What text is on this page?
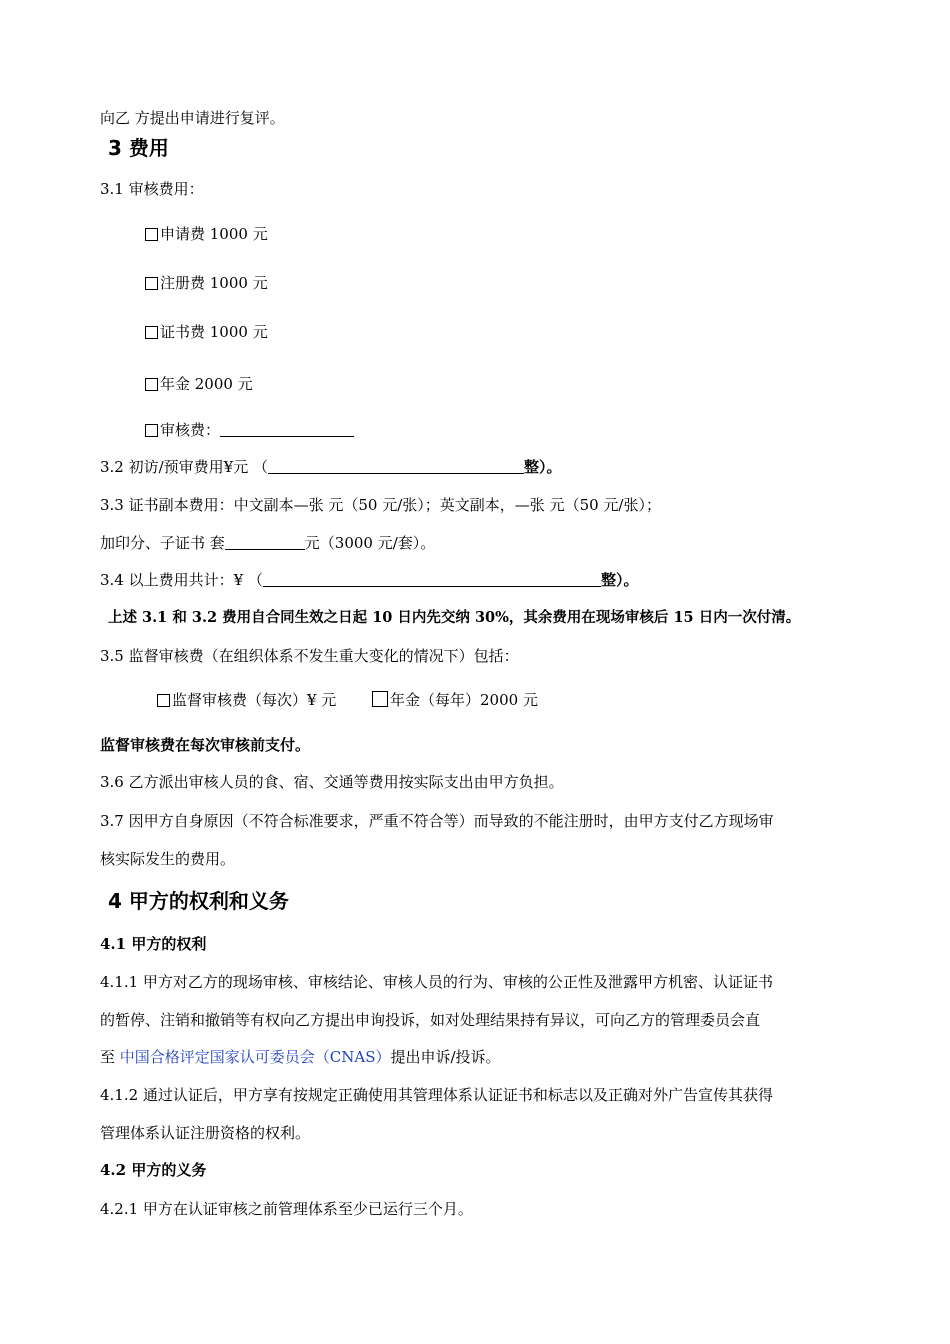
向乙 方提出申请进行复评。
3 费用
3.1 审核费用：
申请费 1000 元
注册费 1000 元
证书费 1000 元
年金 2000 元
审核费：
3.2 初访/预审费用¥元 （	整）。
3.3 证书副本费用：中文副本—张 元（50 元/张）；英文副本，—张 元（50 元/张）；
加印分、子证书 套	元（3000 元/套）。
3.4 以上费用共计：¥ （	整）。
上述 3.1 和 3.2 费用自合同生效之日起 10 日内先交纳 30%，其余费用在现场审核后 15 日内一次付清。
3.5 监督审核费（在组织体系不发生重大变化的情况下）包括：
监督审核费（每次）¥ 元	年金（每年）2000 元
监督审核费在每次审核前支付。
3.6 乙方派出审核人员的食、宿、交通等费用按实际支出由甲方负担。
3.7 因甲方自身原因（不符合标准要求，严重不符合等）而导致的不能注册时，由甲方支付乙方现场审
核实际发生的费用。
4 甲方的权利和义务
4.1 甲方的权利
4.1.1 甲方对乙方的现场审核、审核结论、审核人员的行为、审核的公正性及泄露甲方机密、认证证书
的暂停、注销和撤销等有权向乙方提出申询投诉，如对处理结果持有异议，可向乙方的管理委员会直
至 中国合格评定国家认可委员会（CNAS）提出申诉/投诉。
4.1.2 通过认证后，甲方享有按规定正确使用其管理体系认证证书和标志以及正确对外广告宣传其获得
管理体系认证注册资格的权利。
4.2 甲方的义务
4.2.1 甲方在认证审核之前管理体系至少已运行三个月。
